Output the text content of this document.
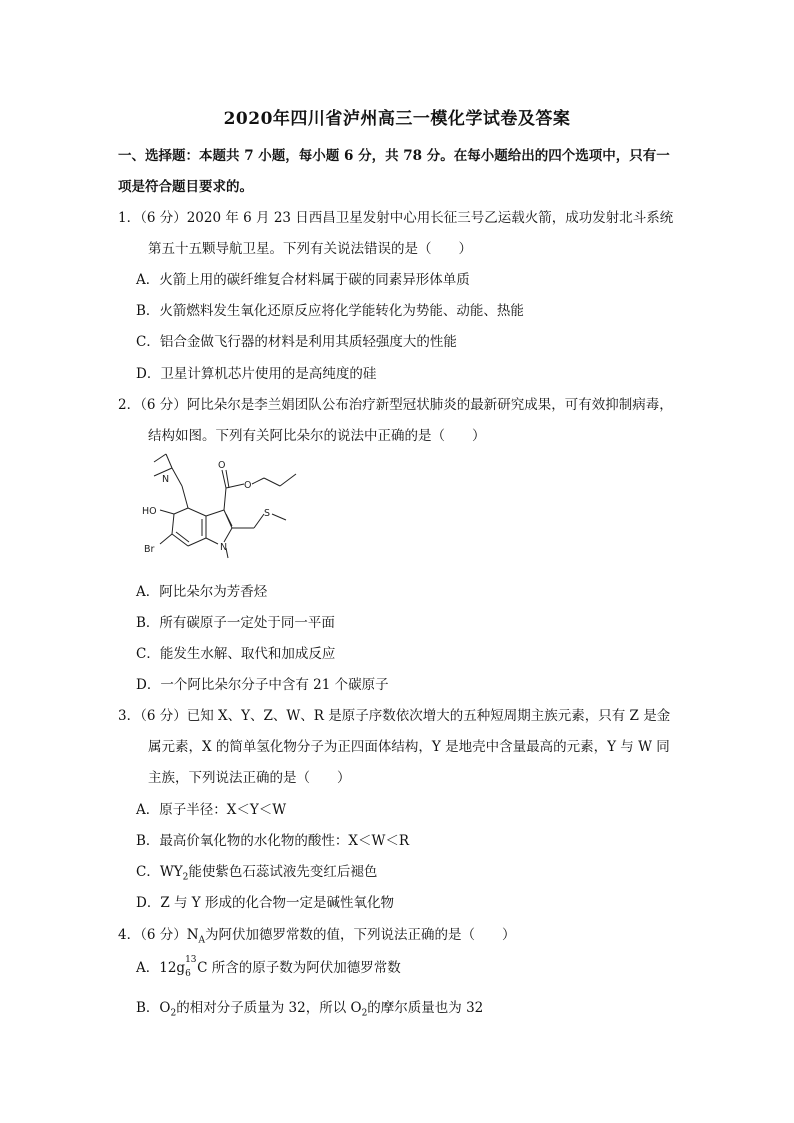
2020年四川省泸州高三一模化学试卷及答案
一、选择题：本题共 7 小题，每小题 6 分，共 78 分。在每小题给出的四个选项中，只有一
项是符合题目要求的。
1．（6 分）2020 年 6 月 23 日西昌卫星发射中心用长征三号乙运载火箭，成功发射北斗系统
第五十五颗导航卫星。下列有关说法错误的是（　　）
A．火箭上用的碳纤维复合材料属于碳的同素异形体单质
B．火箭燃料发生氧化还原反应将化学能转化为势能、动能、热能
C．铝合金做飞行器的材料是利用其质轻强度大的性能
D．卫星计算机芯片使用的是高纯度的硅
2．（6 分）阿比朵尔是李兰娟团队公布治疗新型冠状肺炎的最新研究成果，可有效抑制病毒，
结构如图。下列有关阿比朵尔的说法中正确的是（　　）
N
O
O
HO	S
Br	N
A．阿比朵尔为芳香烃
B．所有碳原子一定处于同一平面
C．能发生水解、取代和加成反应
D．一个阿比朵尔分子中含有 21 个碳原子
3．（6 分）已知 X、Y、Z、W、R 是原子序数依次增大的五种短周期主族元素，只有 Z 是金
属元素，X 的简单氢化物分子为正四面体结构，Y 是地壳中含量最高的元素，Y 与 W 同
主族，下列说法正确的是（　　）
A．原子半径：X＜Y＜W
B．最高价氧化物的水化物的酸性：X＜W＜R
C．$WY_2$能使紫色石蕊试液先变红后褪色
D．Z 与 Y 形成的化合物一定是碱性氧化物
4．（6 分）$N_A$为阿伏加德罗常数的值，下列说法正确的是（　　）
A．12g 13
6 C 所含的原子数为阿伏加德罗常数
B．$O_2$的相对分子质量为 32，所以 $O_2$的摩尔质量也为 32
